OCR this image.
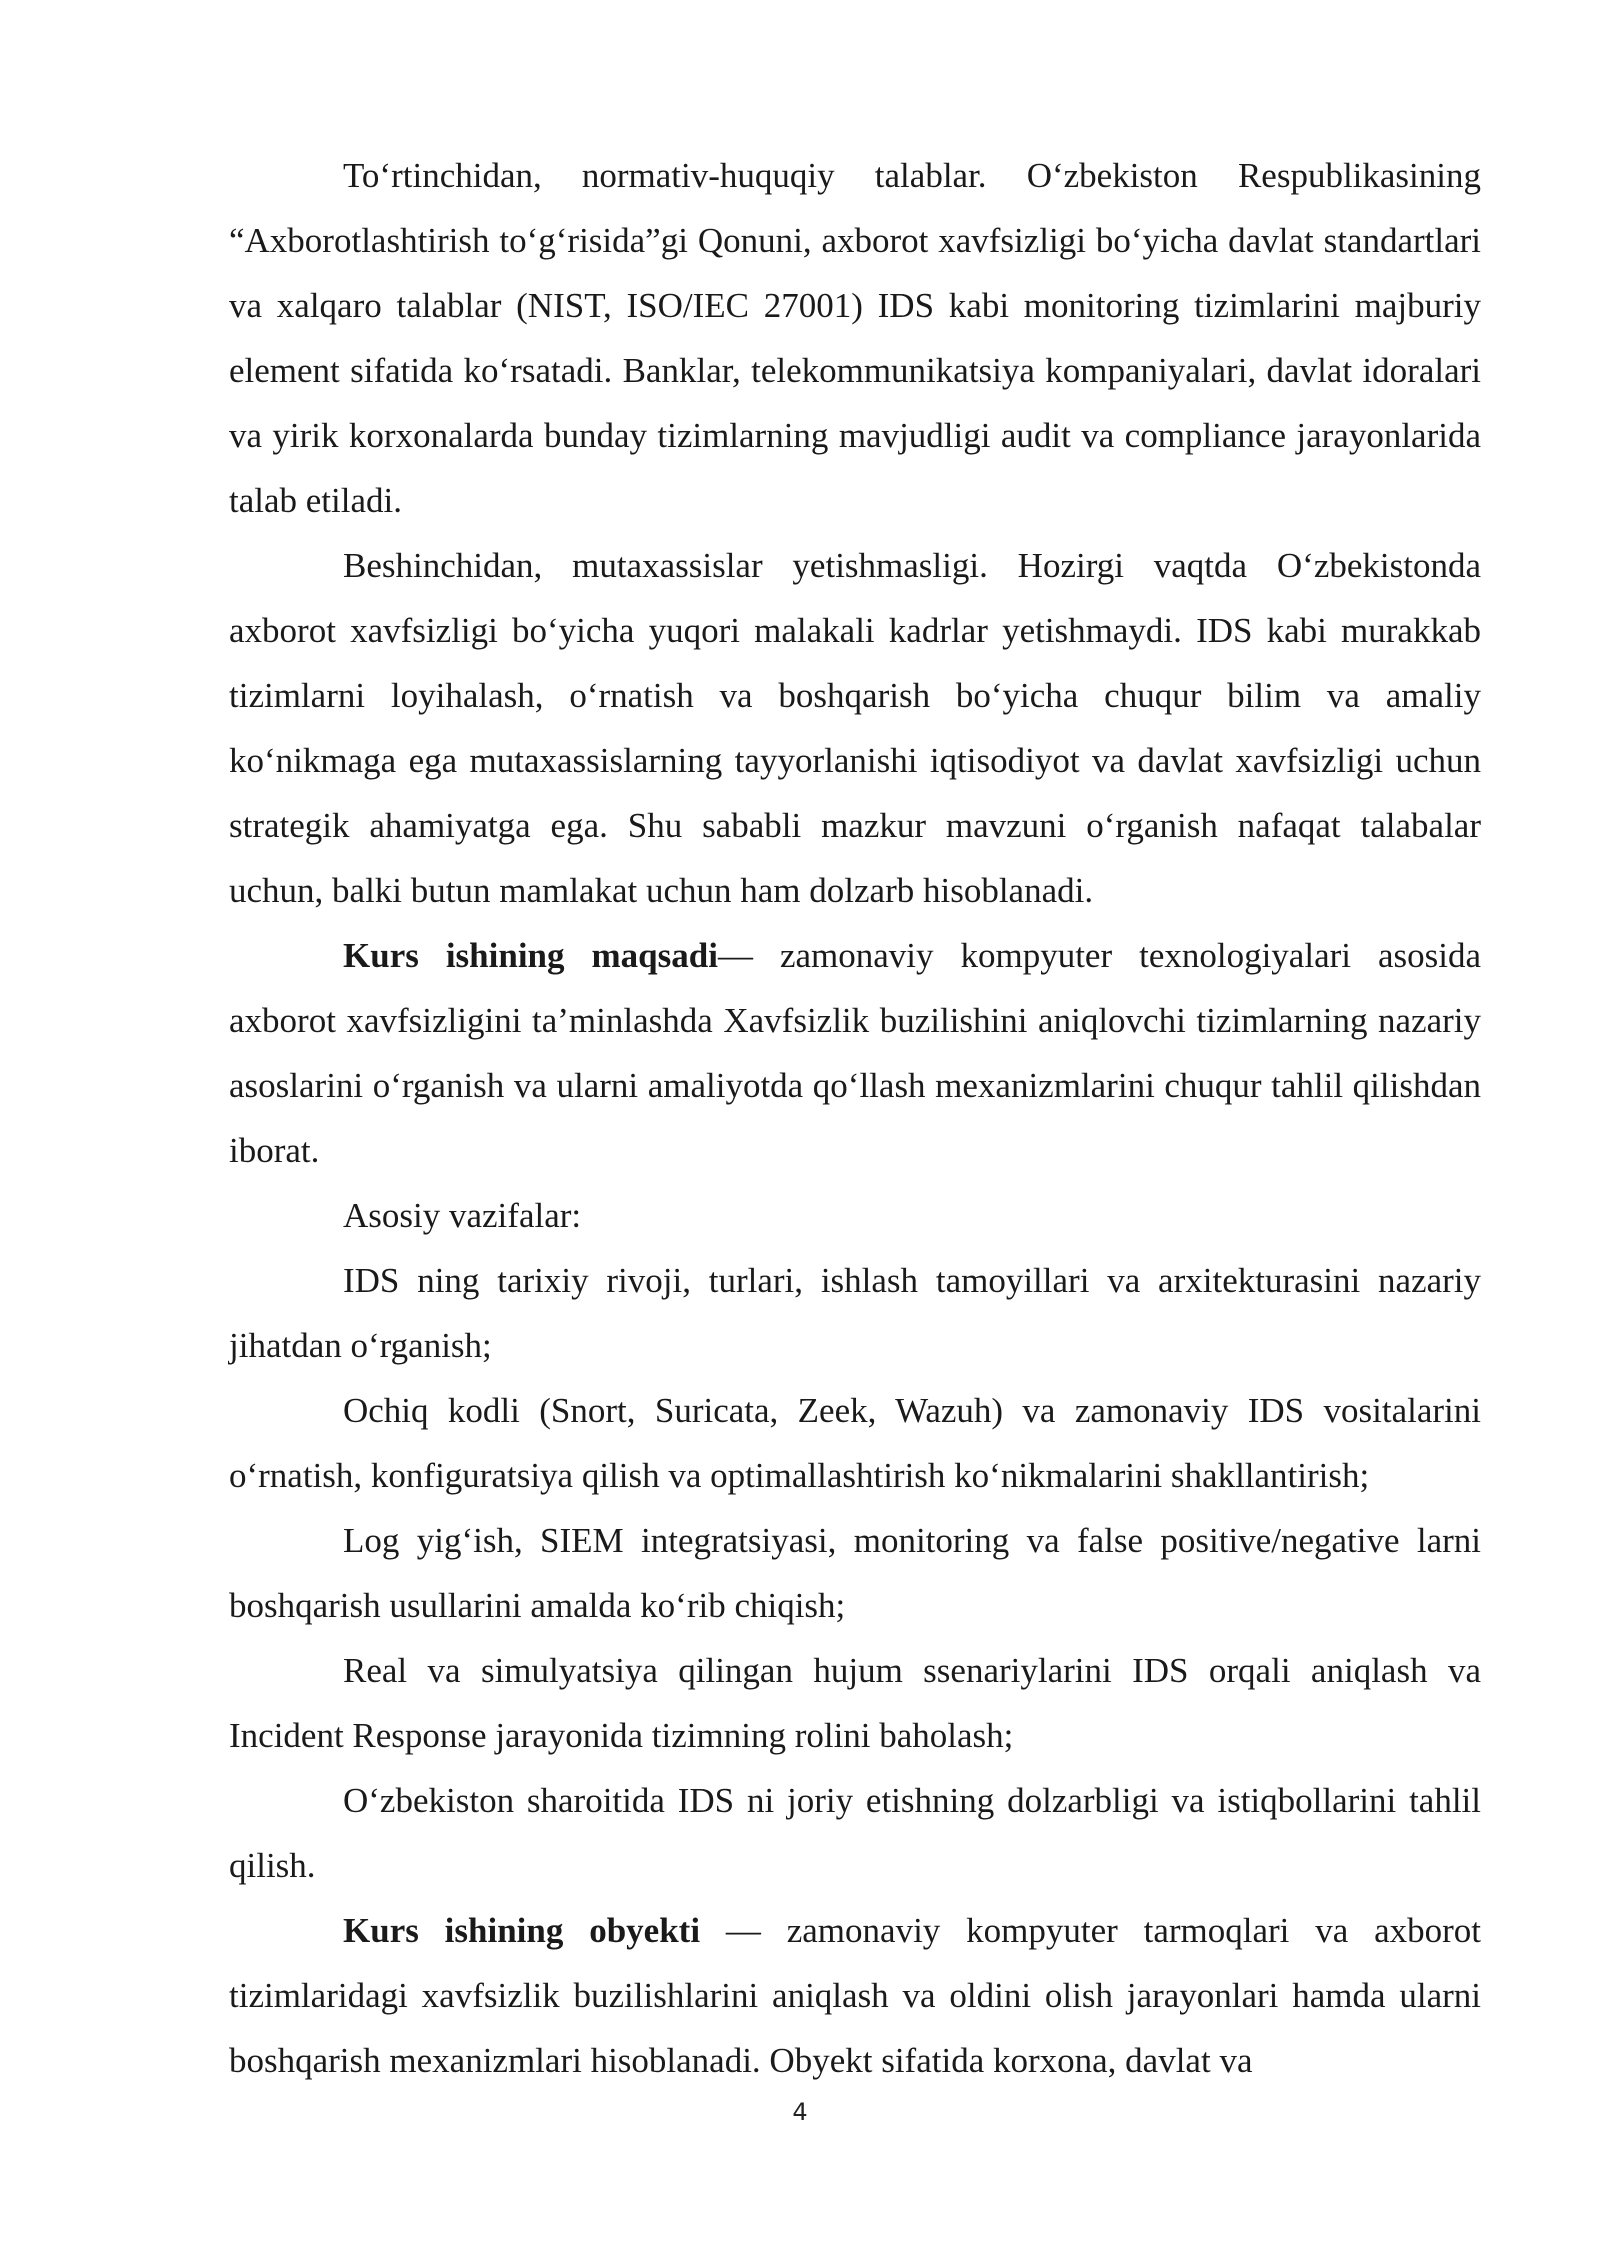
To‘rtinchidan, normativ-huquqiy talablar. O‘zbekiston Respublikasining “Axborotlashtirish to‘g‘risida”gi Qonuni, axborot xavfsizligi bo‘yicha davlat standartlari va xalqaro talablar (NIST, ISO/IEC 27001) IDS kabi monitoring tizimlarini majburiy element sifatida ko‘rsatadi. Banklar, telekommunikatsiya kompaniyalari, davlat idoralari va yirik korxonalarda bunday tizimlarning mavjudligi audit va compliance jarayonlarida talab etiladi.

Beshinchidan, mutaxassislar yetishmasligi. Hozirgi vaqtda O‘zbekistonda axborot xavfsizligi bo‘yicha yuqori malakali kadrlar yetishmaydi. IDS kabi murakkab tizimlarni loyihalash, o‘rnatish va boshqarish bo‘yicha chuqur bilim va amaliy ko‘nikmaga ega mutaxassislarning tayyorlanishi iqtisodiyot va davlat xavfsizligi uchun strategik ahamiyatga ega. Shu sababli mazkur mavzuni o‘rganish nafaqat talabalar uchun, balki butun mamlakat uchun ham dolzarb hisoblanadi.

Kurs ishining maqsadi— zamonaviy kompyuter texnologiyalari asosida axborot xavfsizligini ta’minlashda Xavfsizlik buzilishini aniqlovchi tizimlarning nazariy asoslarini o‘rganish va ularni amaliyotda qo‘llash mexanizmlarini chuqur tahlil qilishdan iborat.

Asosiy vazifalar:

IDS ning tarixiy rivoji, turlari, ishlash tamoyillari va arxitekturasini nazariy jihatdan o‘rganish;

Ochiq kodli (Snort, Suricata, Zeek, Wazuh) va zamonaviy IDS vositalarini o‘rnatish, konfiguratsiya qilish va optimallashtirish ko‘nikmalarini shakllantirish;

Log yig‘ish, SIEM integratsiyasi, monitoring va false positive/negative larni boshqarish usullarini amalda ko‘rib chiqish;

Real va simulyatsiya qilingan hujum ssenariylarini IDS orqali aniqlash va Incident Response jarayonida tizimning rolini baholash;

O‘zbekiston sharoitida IDS ni joriy etishning dolzarbligi va istiqbollarini tahlil qilish.

Kurs ishining obyekti — zamonaviy kompyuter tarmoqlari va axborot tizimlaridagi xavfsizlik buzilishlarini aniqlash va oldini olish jarayonlari hamda ularni boshqarish mexanizmlari hisoblanadi. Obyekt sifatida korxona, davlat va

4
